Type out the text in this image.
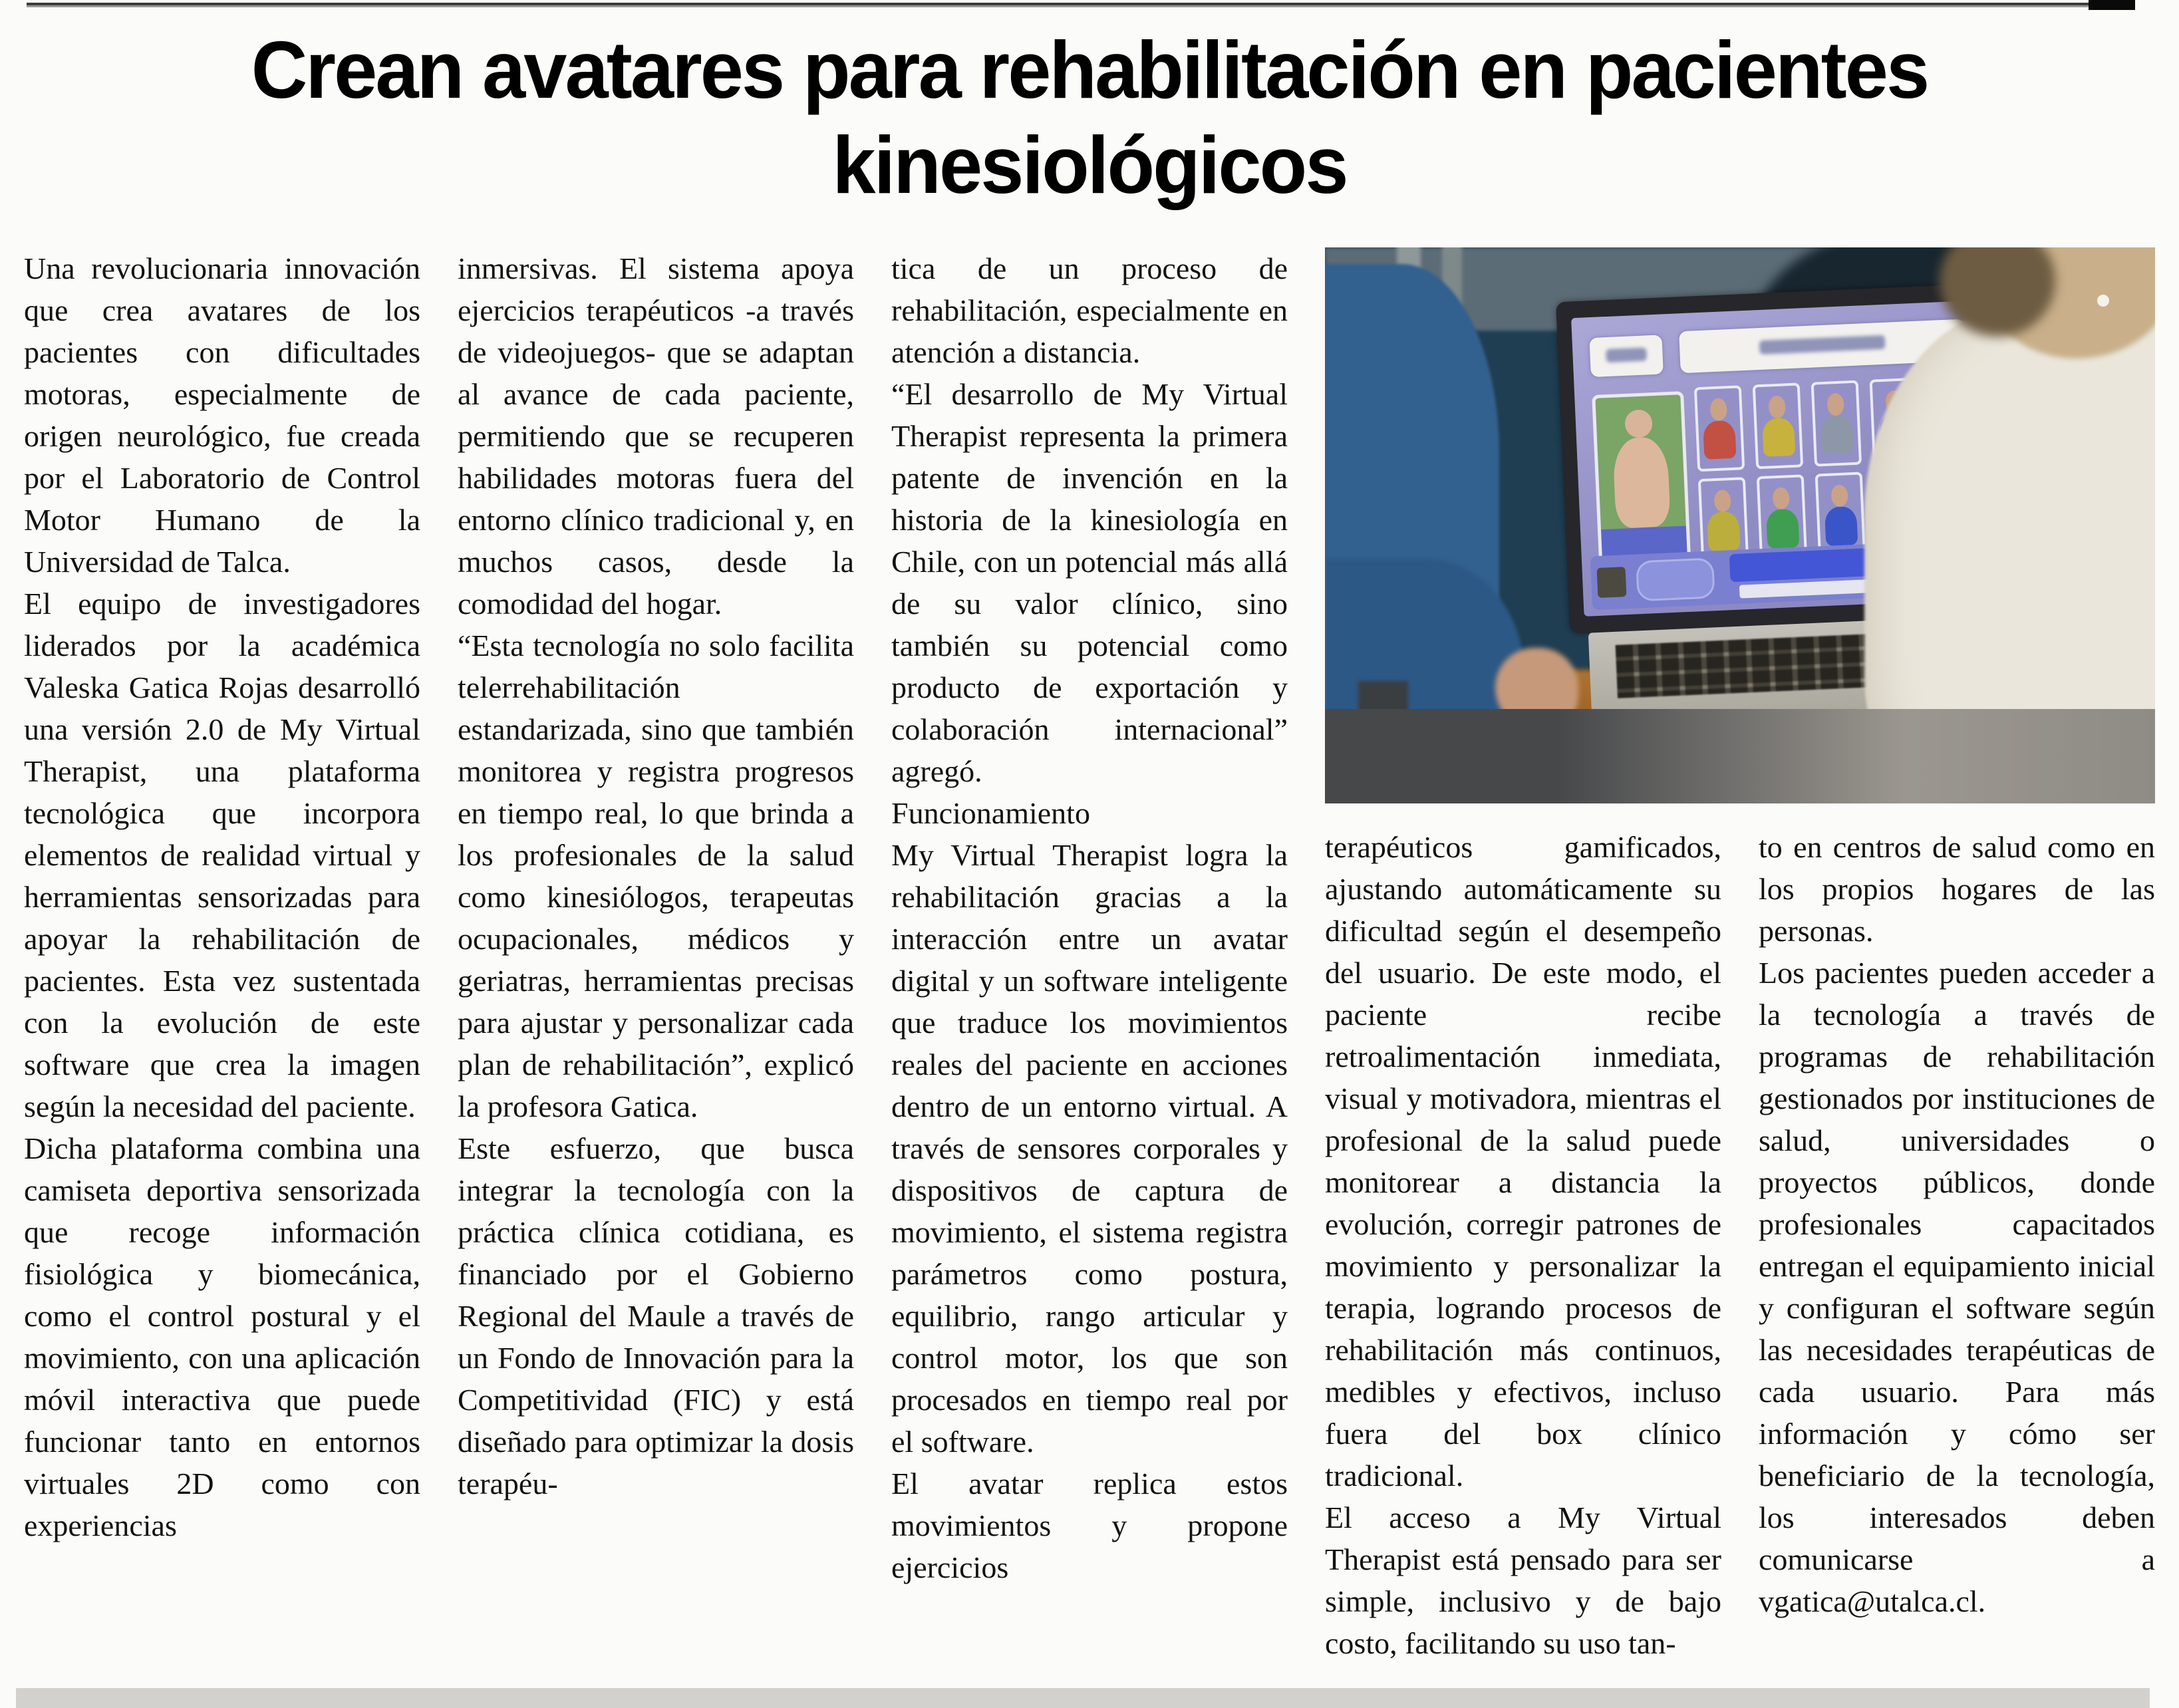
Crean avatares para rehabilitación en pacientes
kinesiológicos

Una revolucionaria innovación que crea avatares de los pacientes con dificultades motoras, especialmente de origen neurológico, fue creada por el Laboratorio de Control Motor Humano de la Universidad de Talca.

El equipo de investigadores liderados por la académica Valeska Gatica Rojas desarrolló una versión 2.0 de My Virtual Therapist, una plataforma tecnológica que incorpora elementos de realidad virtual y herramientas sensorizadas para apoyar la rehabilitación de pacientes. Esta vez sustentada con la evolución de este software que crea la imagen según la necesidad del paciente.

Dicha plataforma combina una camiseta deportiva sensorizada que recoge información fisiológica y biomecánica, como el control postural y el movimiento, con una aplicación móvil interactiva que puede funcionar tanto en entornos virtuales 2D como con experiencias

inmersivas. El sistema apoya ejercicios terapéuticos -a través de videojuegos- que se adaptan al avance de cada paciente, permitiendo que se recuperen habilidades motoras fuera del entorno clínico tradicional y, en muchos casos, desde la comodidad del hogar.

“Esta tecnología no solo facilita telerrehabilitación estandarizada, sino que también monitorea y registra progresos en tiempo real, lo que brinda a los profesionales de la salud como kinesiólogos, terapeutas ocupacionales, médicos y geriatras, herramientas precisas para ajustar y personalizar cada plan de rehabilitación”, explicó la profesora Gatica.

Este esfuerzo, que busca integrar la tecnología con la práctica clínica cotidiana, es financiado por el Gobierno Regional del Maule a través de un Fondo de Innovación para la Competitividad (FIC) y está diseñado para optimizar la dosis terapéu-

tica de un proceso de rehabilitación, especialmente en atención a distancia.

“El desarrollo de My Virtual Therapist representa la primera patente de invención en la historia de la kinesiología en Chile, con un potencial más allá de su valor clínico, sino también su potencial como producto de exportación y colaboración internacional” agregó.

Funcionamiento

My Virtual Therapist logra la rehabilitación gracias a la interacción entre un avatar digital y un software inteligente que traduce los movimientos reales del paciente en acciones dentro de un entorno virtual. A través de sensores corporales y dispositivos de captura de movimiento, el sistema registra parámetros como postura, equilibrio, rango articular y control motor, los que son procesados en tiempo real por el software.

El avatar replica estos movimientos y propone ejercicios

terapéuticos gamificados, ajustando automáticamente su dificultad según el desempeño del usuario. De este modo, el paciente recibe retroalimentación inmediata, visual y motivadora, mientras el profesional de la salud puede monitorear a distancia la evolución, corregir patrones de movimiento y personalizar la terapia, logrando procesos de rehabilitación más continuos, medibles y efectivos, incluso fuera del box clínico tradicional.

El acceso a My Virtual Therapist está pensado para ser simple, inclusivo y de bajo costo, facilitando su uso tan-

to en centros de salud como en los propios hogares de las personas.

Los pacientes pueden acceder a la tecnología a través de programas de rehabilitación gestionados por instituciones de salud, universidades o proyectos públicos, donde profesionales capacitados entregan el equipamiento inicial y configuran el software según las necesidades terapéuticas de cada usuario. Para más información y cómo ser beneficiario de la tecnología, los interesados deben comunicarse a vgatica@utalca.cl.
